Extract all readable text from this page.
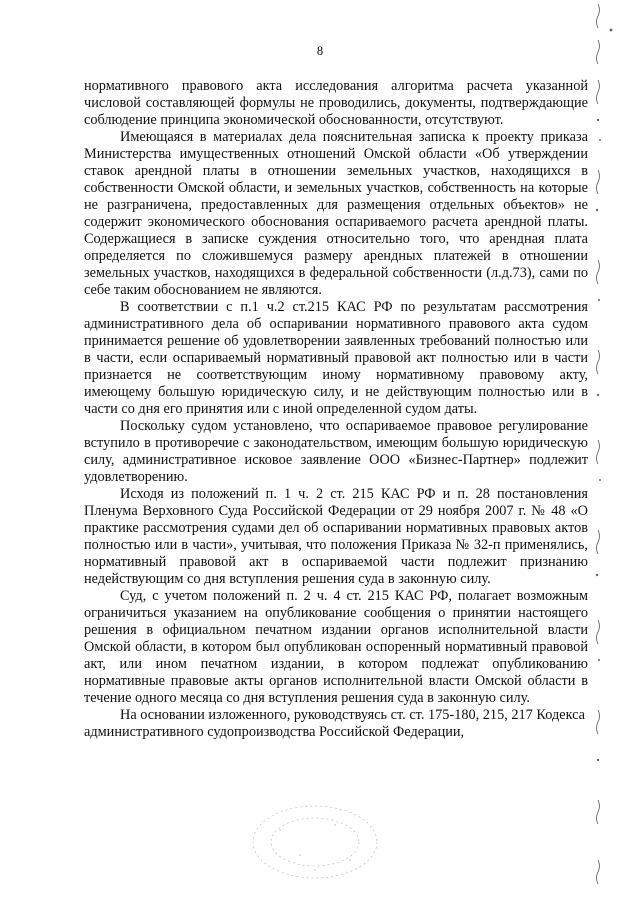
8

нормативного правового акта исследования алгоритма расчета указанной числовой составляющей формулы не проводились, документы, подтверждающие соблюдение принципа экономической обоснованности, отсутствуют.

Имеющаяся в материалах дела пояснительная записка к проекту приказа Министерства имущественных отношений Омской области «Об утверждении ставок арендной платы в отношении земельных участков, находящихся в собственности Омской области, и земельных участков, собственность на которые не разграничена, предоставленных для размещения отдельных объектов» не содержит экономического обоснования оспариваемого расчета арендной платы. Содержащиеся в записке суждения относительно того, что арендная плата определяется по сложившемуся размеру арендных платежей в отношении земельных участков, находящихся в федеральной собственности (л.д.73), сами по себе таким обоснованием не являются.

В соответствии с п.1 ч.2 ст.215 КАС РФ по результатам рассмотрения административного дела об оспаривании нормативного правового акта судом принимается решение об удовлетворении заявленных требований полностью или в части, если оспариваемый нормативный правовой акт полностью или в части признается не соответствующим иному нормативному правовому акту, имеющему большую юридическую силу, и не действующим полностью или в части со дня его принятия или с иной определенной судом даты.

Поскольку судом установлено, что оспариваемое правовое регулирование вступило в противоречие с законодательством, имеющим большую юридическую силу, административное исковое заявление ООО «Бизнес-Партнер» подлежит удовлетворению.

Исходя из положений п. 1 ч. 2 ст. 215 КАС РФ и п. 28 постановления Пленума Верховного Суда Российской Федерации от 29 ноября 2007 г. № 48 «О практике рассмотрения судами дел об оспаривании нормативных правовых актов полностью или в части», учитывая, что положения Приказа № 32-п применялись, нормативный правовой акт в оспариваемой части подлежит признанию недействующим со дня вступления решения суда в законную силу.

Суд, с учетом положений п. 2 ч. 4 ст. 215 КАС РФ, полагает возможным ограничиться указанием на опубликование сообщения о принятии настоящего решения в официальном печатном издании органов исполнительной власти Омской области, в котором был опубликован оспоренный нормативный правовой акт, или ином печатном издании, в котором подлежат опубликованию нормативные правовые акты органов исполнительной власти Омской области в течение одного месяца со дня вступления решения суда в законную силу.

На основании изложенного, руководствуясь ст. ст. 175-180, 215, 217 Кодекса административного судопроизводства Российской Федерации,
